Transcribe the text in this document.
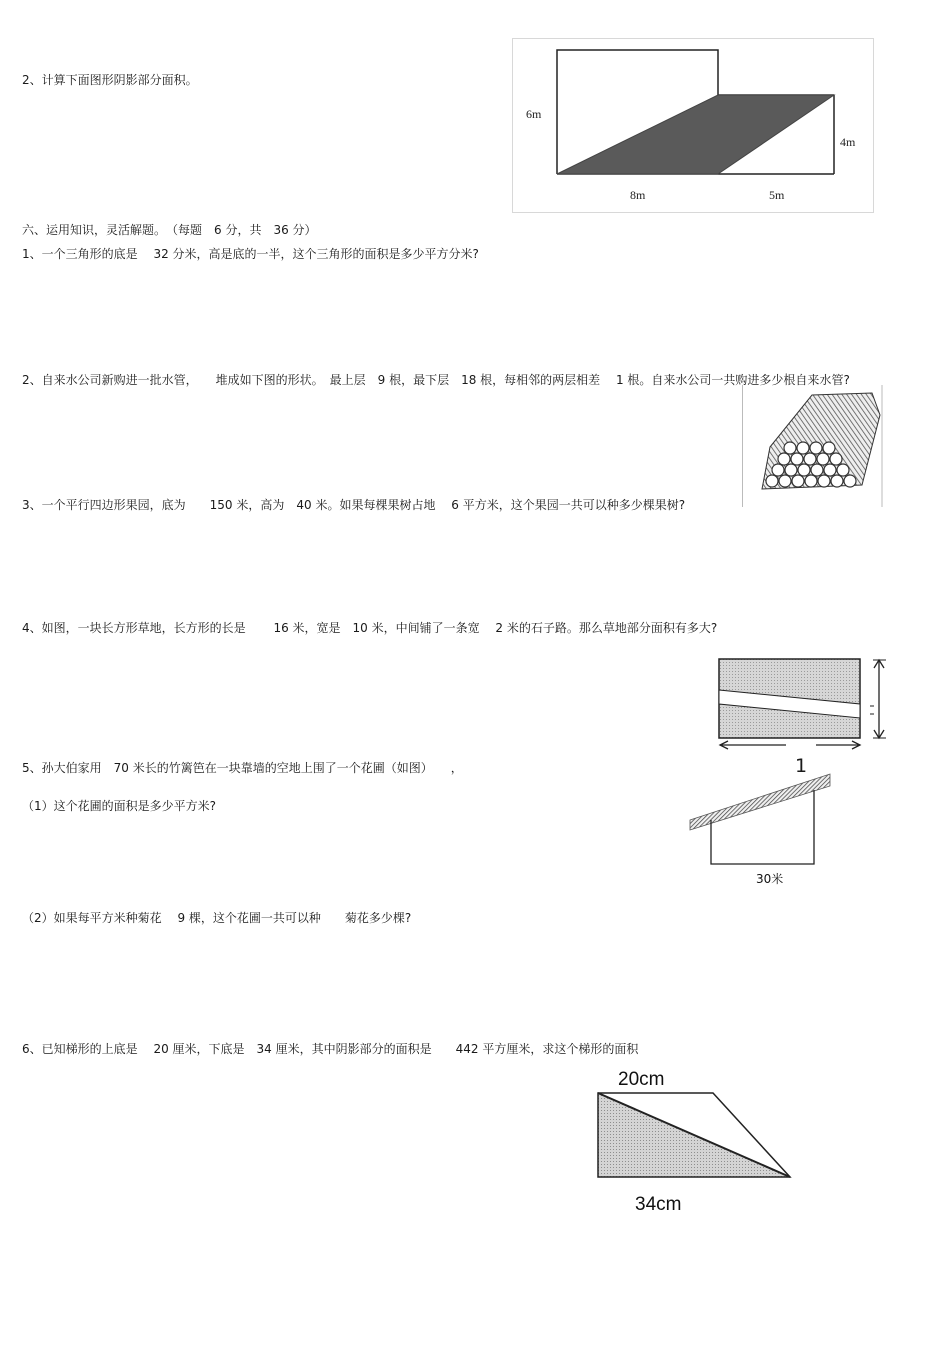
2、计算下面图形阴影部分面积。
六、运用知识，灵活解题。　（每题　6 分，共　36 分）
1、一个三角形的底是　 32 分米，高是底的一半，这个三角形的面积是多少平方分米?
2、自来水公司新购进一批水管，　　堆成如下图的形状。　最上层　9 根，最下层　18 根，每相邻的两层相差　 1 根。自来水公司一共购进多少根自来水管?
3、一个平行四边形果园，底为　　150 米，高为　40 米。如果每棵果树占地　 6 平方米，这个果园一共可以种多少棵果树?
4、如图，一块长方形草地，长方形的长是　　 16 米，宽是　10 米，中间铺了一条宽　 2 米的石子路。那么草地部分面积有多大?
5、孙大伯家用　70 米长的竹篱笆在一块靠墙的空地上围了一个花圃（如图）　　，
（1）这个花圃的面积是多少平方米?
（2）如果每平方米种菊花　 9 棵，这个花圃一共可以种　　菊花多少棵?
6、已知梯形的上底是　 20 厘米，下底是　34 厘米，其中阴影部分的面积是　　442 平方厘米，求这个梯形的面积
6m
4m
8m	5m
1
30米
20cm
34cm
